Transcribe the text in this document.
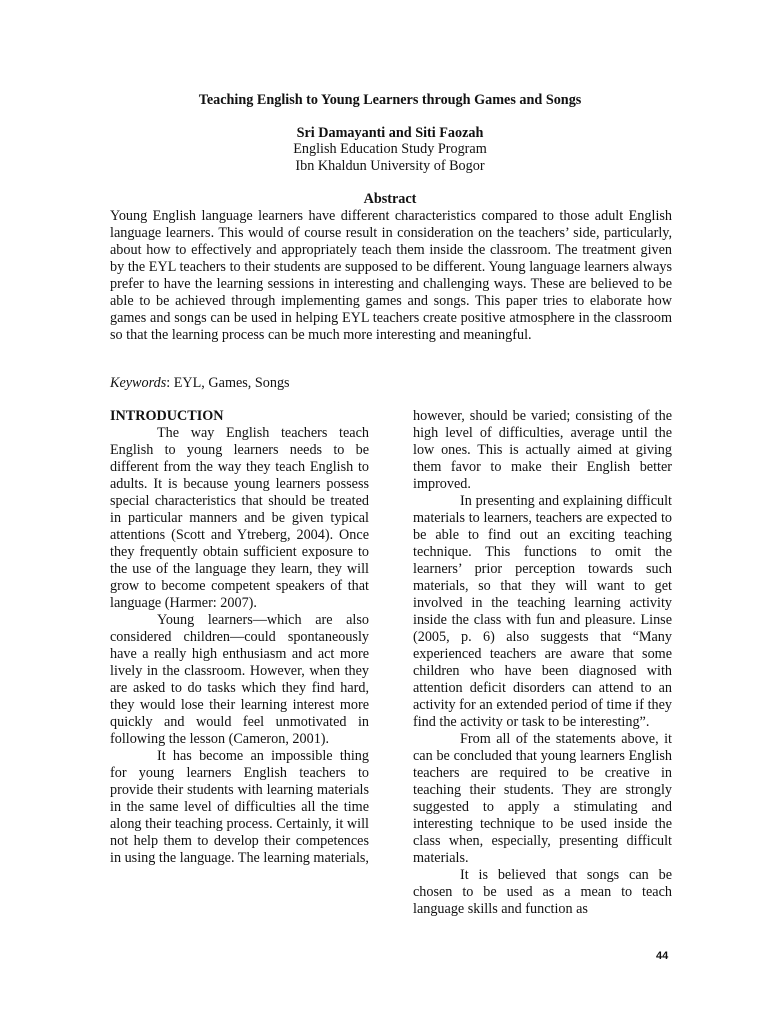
Teaching English to Young Learners through Games and Songs
Sri Damayanti and Siti Faozah
English Education Study Program
Ibn Khaldun University of Bogor
Abstract

Young English language learners have different characteristics compared to those adult English language learners. This would of course result in consideration on the teachers’ side, particularly, about how to effectively and appropriately teach them inside the classroom. The treatment given by the EYL teachers to their students are supposed to be different. Young language learners always prefer to have the learning sessions in interesting and challenging ways. These are believed to be able to be achieved through implementing games and songs. This paper tries to elaborate how games and songs can be used in helping EYL teachers create positive atmosphere in the classroom so that the learning process can be much more interesting and meaningful.

Keywords: EYL, Games, Songs

INTRODUCTION

The way English teachers teach English to young learners needs to be different from the way they teach English to adults. It is because young learners possess special characteristics that should be treated in particular manners and be given typical attentions (Scott and Ytreberg, 2004). Once they frequently obtain sufficient exposure to the use of the language they learn, they will grow to become competent speakers of that language (Harmer: 2007).

Young learners—which are also considered children—could spontaneously have a really high enthusiasm and act more lively in the classroom. However, when they are asked to do tasks which they find hard, they would lose their learning interest more quickly and would feel unmotivated in following the lesson (Cameron, 2001).

It has become an impossible thing for young learners English teachers to provide their students with learning materials in the same level of difficulties all the time along their teaching process. Certainly, it will not help them to develop their competences in using the language. The learning materials,

however, should be varied; consisting of the high level of difficulties, average until the low ones. This is actually aimed at giving them favor to make their English better improved.

In presenting and explaining difficult materials to learners, teachers are expected to be able to find out an exciting teaching technique. This functions to omit the learners’ prior perception towards such materials, so that they will want to get involved in the teaching learning activity inside the class with fun and pleasure. Linse (2005, p. 6) also suggests that “Many experienced teachers are aware that some children who have been diagnosed with attention deficit disorders can attend to an activity for an extended period of time if they find the activity or task to be interesting”.

From all of the statements above, it can be concluded that young learners English teachers are required to be creative in teaching their students. They are strongly suggested to apply a stimulating and interesting technique to be used inside the class when, especially, presenting difficult materials.

It is believed that songs can be chosen to be used as a mean to teach language skills and function as

44
